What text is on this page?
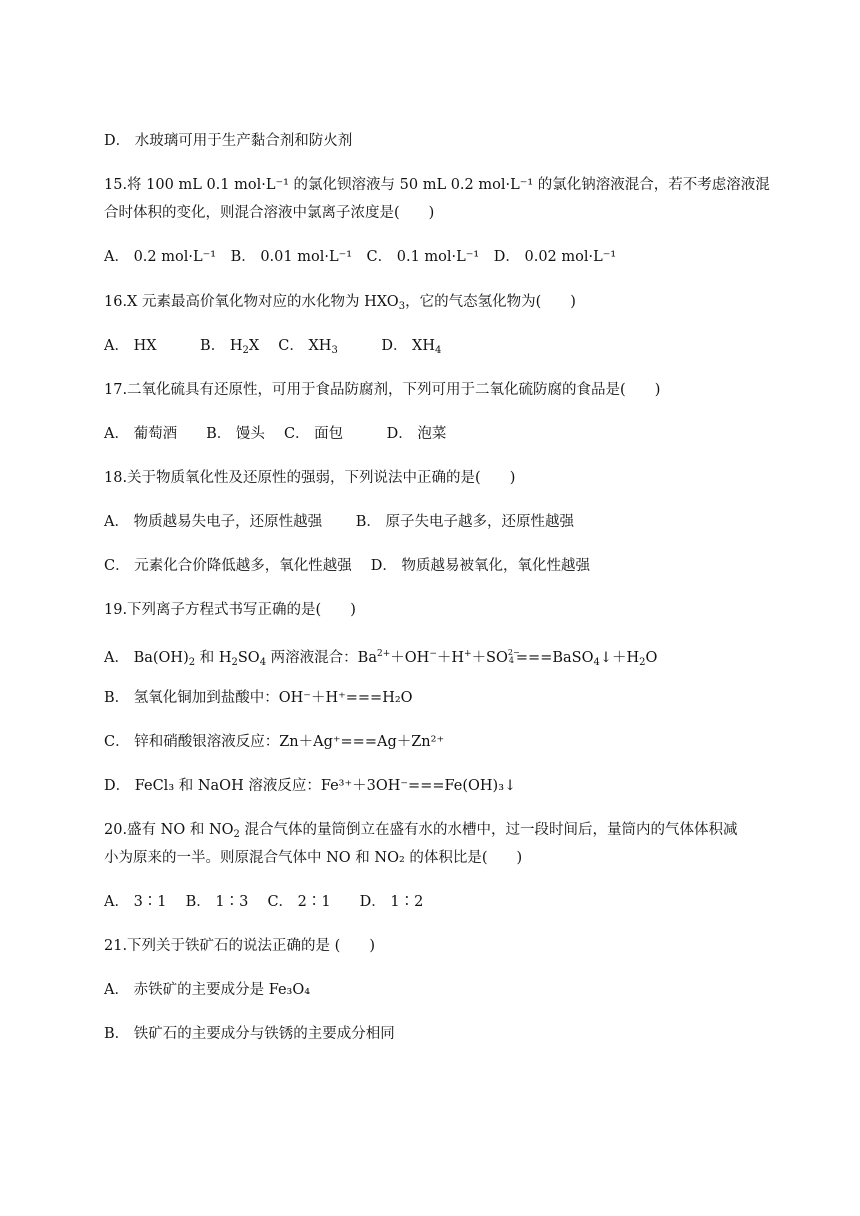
D． 水玻璃可用于生产黏合剂和防火剂
15.将 100 mL 0.1 mol·L⁻¹ 的氯化钡溶液与 50 mL 0.2 mol·L⁻¹ 的氯化钠溶液混合，若不考虑溶液混
合时体积的变化，则混合溶液中氯离子浓度是(　　)
A． 0.2 mol·L⁻¹　B． 0.01 mol·L⁻¹　C． 0.1 mol·L⁻¹　D． 0.02 mol·L⁻¹
16.X 元素最高价氧化物对应的水化物为 $HXO_3$，它的气态氢化物为(　　)
A． HX　　　B． $H_2X$　 C． $XH_3$　　　D． $XH_4$
17.二氧化硫具有还原性，可用于食品防腐剂，下列可用于二氧化硫防腐的食品是(　　)
A． 葡萄酒　　B． 馒头　 C． 面包　　　D． 泡菜
18.关于物质氧化性及还原性的强弱，下列说法中正确的是(　　)
A． 物质越易失电子，还原性越强　　 B． 原子失电子越多，还原性越强
C． 元素化合价降低越多，氧化性越强　 D． 物质越易被氧化，氧化性越强
19.下列离子方程式书写正确的是(　　)
A． $Ba(OH)_2$ 和 $H_2SO_4$ 两溶液混合：$Ba^{2+}+OH^-+H^++SO$ 2−
$4 ===BaSO_4↓+H_2O$
B． 氢氧化铜加到盐酸中：OH⁻＋H⁺===H₂O
C． 锌和硝酸银溶液反应：Zn＋Ag⁺===Ag＋Zn²⁺
D． FeCl₃ 和 NaOH 溶液反应：Fe³⁺＋3OH⁻===Fe(OH)₃↓
20.盛有 NO 和 $NO_2$ 混合气体的量筒倒立在盛有水的水槽中，过一段时间后，量筒内的气体体积减
小为原来的一半。则原混合气体中 NO 和 NO₂ 的体积比是(　　)
A． 3∶1　 B． 1∶3　 C． 2∶1　　D． 1∶2
21.下列关于铁矿石的说法正确的是 (　　)
A． 赤铁矿的主要成分是 Fe₃O₄
B． 铁矿石的主要成分与铁锈的主要成分相同
